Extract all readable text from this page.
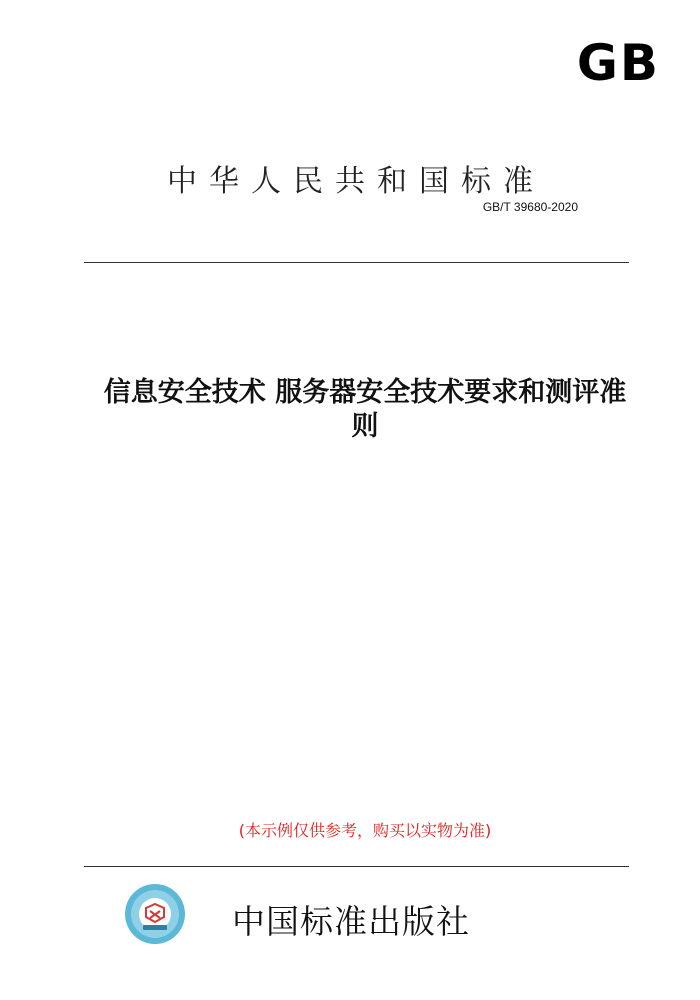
GB
中华人民共和国标准
GB/T 39680-2020
信息安全技术 服务器安全技术要求和测评准
则
(本示例仅供参考，购买以实物为准)
中国标准出版社
